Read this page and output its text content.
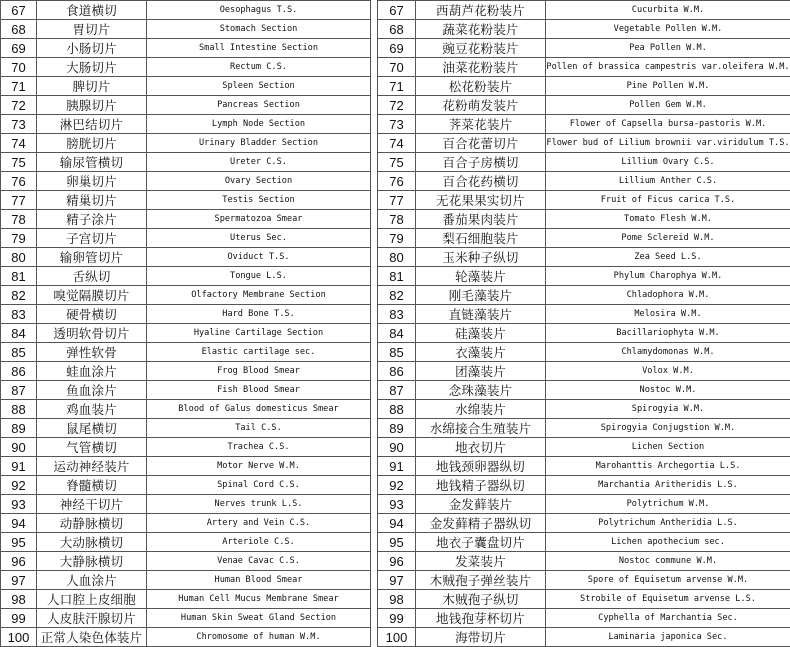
67	食道横切	Oesophagus T.S.
68	胃切片	Stomach Section
69	小肠切片	Small Intestine Section
70	大肠切片	Rectum C.S.
71	脾切片	Spleen Section
72	胰腺切片	Pancreas Section
73	淋巴结切片	Lymph Node Section
74	膀胱切片	Urinary Bladder Section
75	输尿管横切	Ureter C.S.
76	卵巢切片	Ovary Section
77	精巢切片	Testis Section
78	精子涂片	Spermatozoa Smear
79	子宫切片	Uterus Sec.
80	输卵管切片	Oviduct T.S.
81	舌纵切	Tongue L.S.
82	嗅觉隔膜切片	Olfactory Membrane Section
83	硬骨横切	Hard Bone T.S.
84	透明软骨切片	Hyaline Cartilage Section
85	弹性软骨	Elastic cartilage sec.
86	蛙血涂片	Frog Blood Smear
87	鱼血涂片	Fish Blood Smear
88	鸡血装片	Blood of Galus domesticus Smear
89	鼠尾横切	Tail C.S.
90	气管横切	Trachea C.S.
91	运动神经装片	Motor Nerve W.M.
92	脊髓横切	Spinal Cord C.S.
93	神经干切片	Nerves trunk L.S.
94	动静脉横切	Artery and Vein C.S.
95	大动脉横切	Arteriole C.S.
96	大静脉横切	Venae Cavac C.S.
97	人血涂片	Human Blood Smear
98	人口腔上皮细胞	Human Cell Mucus Membrane Smear
99	人皮肤汗腺切片	Human Skin Sweat Gland Section
100	正常人染色体装片	Chromosome of human W.M.
67	西葫芦花粉装片	Cucurbita W.M.
68	蔬菜花粉装片	Vegetable Pollen W.M.
69	豌豆花粉装片	Pea Pollen W.M.
70	油菜花粉装片	Pollen of brassica campestris var.oleifera W.M.
71	松花粉装片	Pine Pollen W.M.
72	花粉萌发装片	Pollen Gem W.M.
73	荠菜花装片	Flower of Capsella bursa-pastoris W.M.
74	百合花蕾切片	Flower bud of Lilium brownii var.viridulum T.S.
75	百合子房横切	Lillium Ovary C.S.
76	百合花药横切	Lillium Anther C.S.
77	无花果果实切片	Fruit of Ficus carica T.S.
78	番茄果肉装片	Tomato Flesh W.M.
79	梨石细胞装片	Pome Sclereid W.M.
80	玉米种子纵切	Zea Seed L.S.
81	轮藻装片	Phylum Charophya W.M.
82	刚毛藻装片	Chladophora W.M.
83	直链藻装片	Melosira W.M.
84	硅藻装片	Bacillariophyta W.M.
85	衣藻装片	Chlamydomonas W.M.
86	团藻装片	Volox W.M.
87	念珠藻装片	Nostoc W.M.
88	水绵装片	Spirogyia W.M.
89	水绵接合生殖装片	Spirogyia Conjugstion W.M.
90	地衣切片	Lichen Section
91	地钱颈卵器纵切	Marohanttis Archegortia L.S.
92	地钱精子器纵切	Marchantia Aritheridis L.S.
93	金发藓装片	Polytrichum W.M.
94	金发藓精子器纵切	Polytrichum Antheridia L.S.
95	地衣子囊盘切片	Lichen apothecium sec.
96	发菜装片	Nostoc commune W.M.
97	木贼孢子弹丝装片	Spore of Equisetum arvense W.M.
98	木贼孢子纵切	Strobile of Equisetum arvense L.S.
99	地钱孢芽杯切片	Cyphella of Marchantia Sec.
100	海带切片	Laminaria japonica Sec.
